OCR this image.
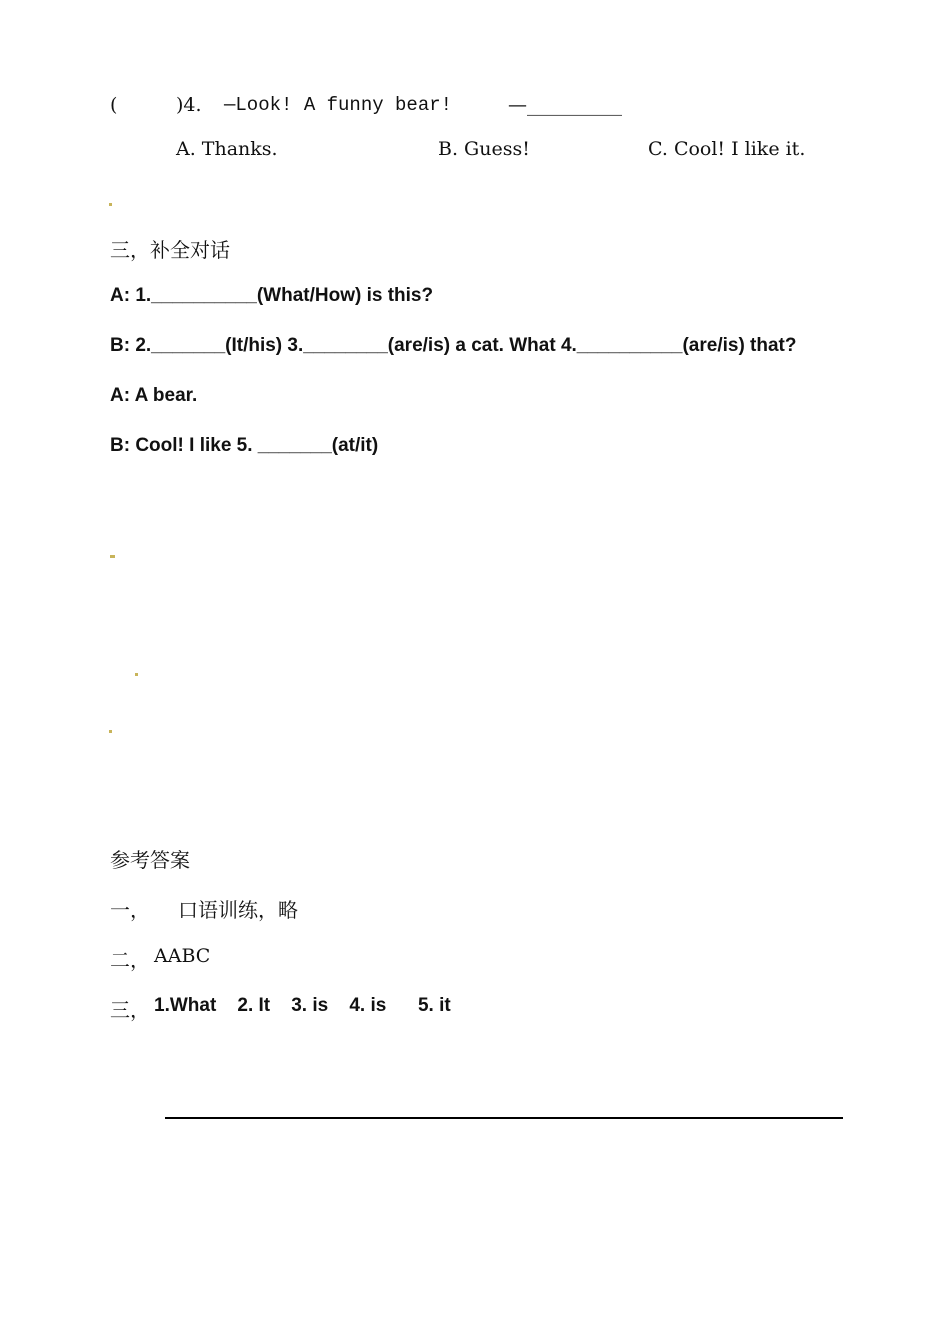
(	)4. —Look! A funny bear!	—__________
A. Thanks.	B. Guess!	C. Cool! I like it.
三，补全对话
A: 1.__________(What/How) is this?
B: 2._______(It/his) 3.________(are/is) a cat. What 4.__________(are/is) that?
A: A bear.
B: Cool! I like 5. _______(at/it)
参考答案
一， 口语训练，略
二， AABC
三， 1.What    2. It    3. is    4. is      5. it
